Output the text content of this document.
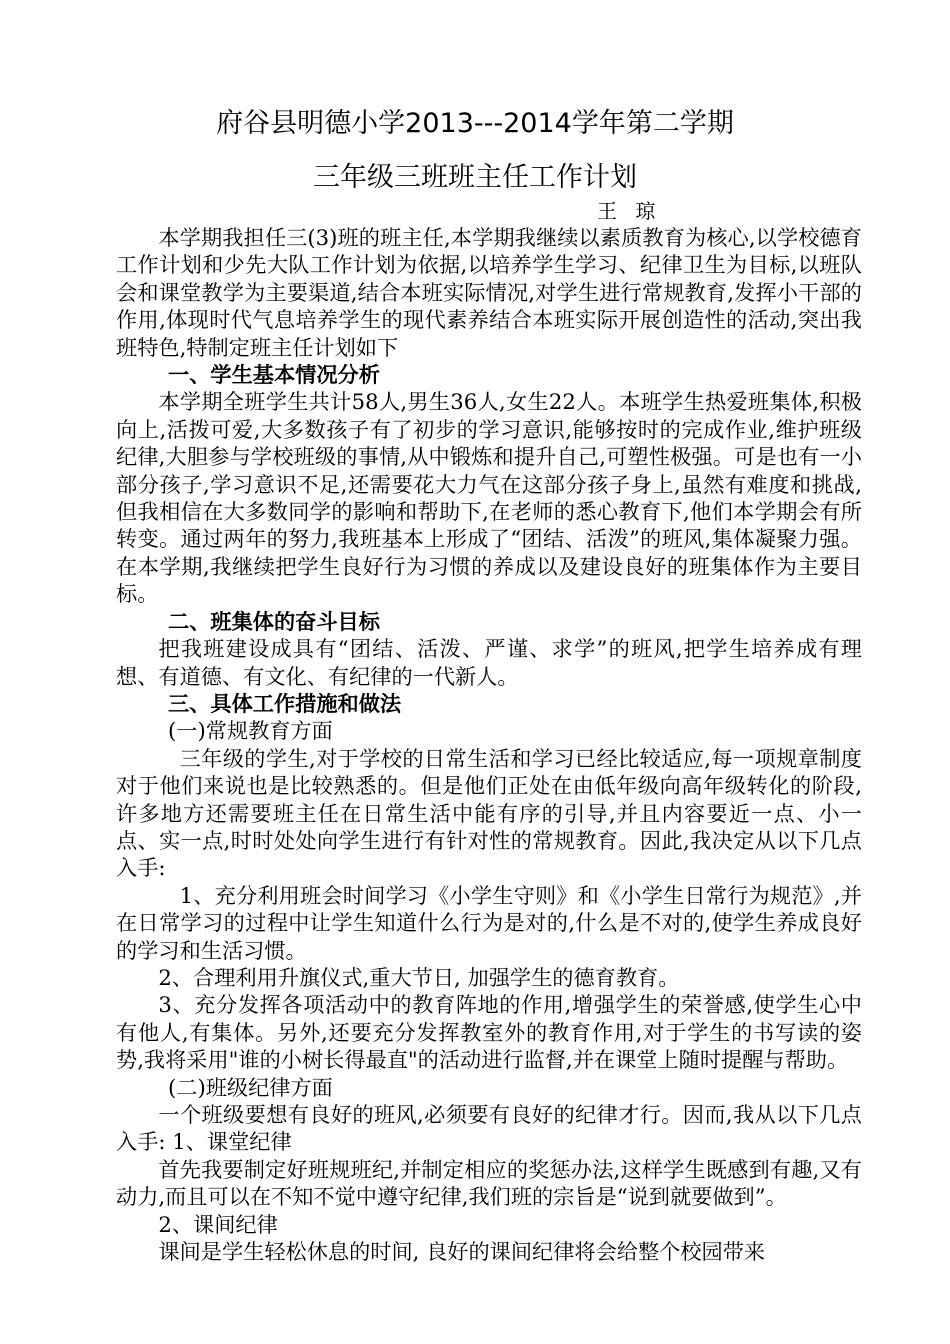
府谷县明德小学2013---2014学年第二学期
三年级三班班主任工作计划
王 琼

本学期我担任三(3)班的班主任,本学期我继续以素质教育为核心,以学校德育工作计划和少先大队工作计划为依据,以培养学生学习、纪律卫生为目标,以班队会和课堂教学为主要渠道,结合本班实际情况,对学生进行常规教育,发挥小干部的作用,体现时代气息培养学生的现代素养结合本班实际开展创造性的活动,突出我班特色,特制定班主任计划如下

一、学生基本情况分析

本学期全班学生共计58人,男生36人,女生22人。本班学生热爱班集体,积极向上,活拨可爱,大多数孩子有了初步的学习意识,能够按时的完成作业,维护班级纪律,大胆参与学校班级的事情,从中锻炼和提升自己,可塑性极强。可是也有一小部分孩子,学习意识不足,还需要花大力气在这部分孩子身上,虽然有难度和挑战,但我相信在大多数同学的影响和帮助下,在老师的悉心教育下,他们本学期会有所转变。通过两年的努力,我班基本上形成了“团结、活泼”的班风,集体凝聚力强。在本学期,我继续把学生良好行为习惯的养成以及建设良好的班集体作为主要目标。

二、班集体的奋斗目标

把我班建设成具有“团结、活泼、严谨、求学”的班风,把学生培养成有理想、有道德、有文化、有纪律的一代新人。

三、具体工作措施和做法

(一)常规教育方面

三年级的学生,对于学校的日常生活和学习已经比较适应,每一项规章制度对于他们来说也是比较熟悉的。但是他们正处在由低年级向高年级转化的阶段,许多地方还需要班主任在日常生活中能有序的引导,并且内容要近一点、小一点、实一点,时时处处向学生进行有针对性的常规教育。因此,我决定从以下几点入手:

1、充分利用班会时间学习《小学生守则》和《小学生日常行为规范》,并在日常学习的过程中让学生知道什么行为是对的,什么是不对的,使学生养成良好的学习和生活习惯。

2、合理利用升旗仪式,重大节日, 加强学生的德育教育。

3、充分发挥各项活动中的教育阵地的作用,增强学生的荣誉感,使学生心中有他人,有集体。另外,还要充分发挥教室外的教育作用,对于学生的书写读的姿势,我将采用"谁的小树长得最直"的活动进行监督,并在课堂上随时提醒与帮助。

(二)班级纪律方面

一个班级要想有良好的班风,必须要有良好的纪律才行。因而,我从以下几点入手: 1、课堂纪律

首先我要制定好班规班纪,并制定相应的奖惩办法,这样学生既感到有趣,又有动力,而且可以在不知不觉中遵守纪律,我们班的宗旨是“说到就要做到”。

2、课间纪律

课间是学生轻松休息的时间, 良好的课间纪律将会给整个校园带来
